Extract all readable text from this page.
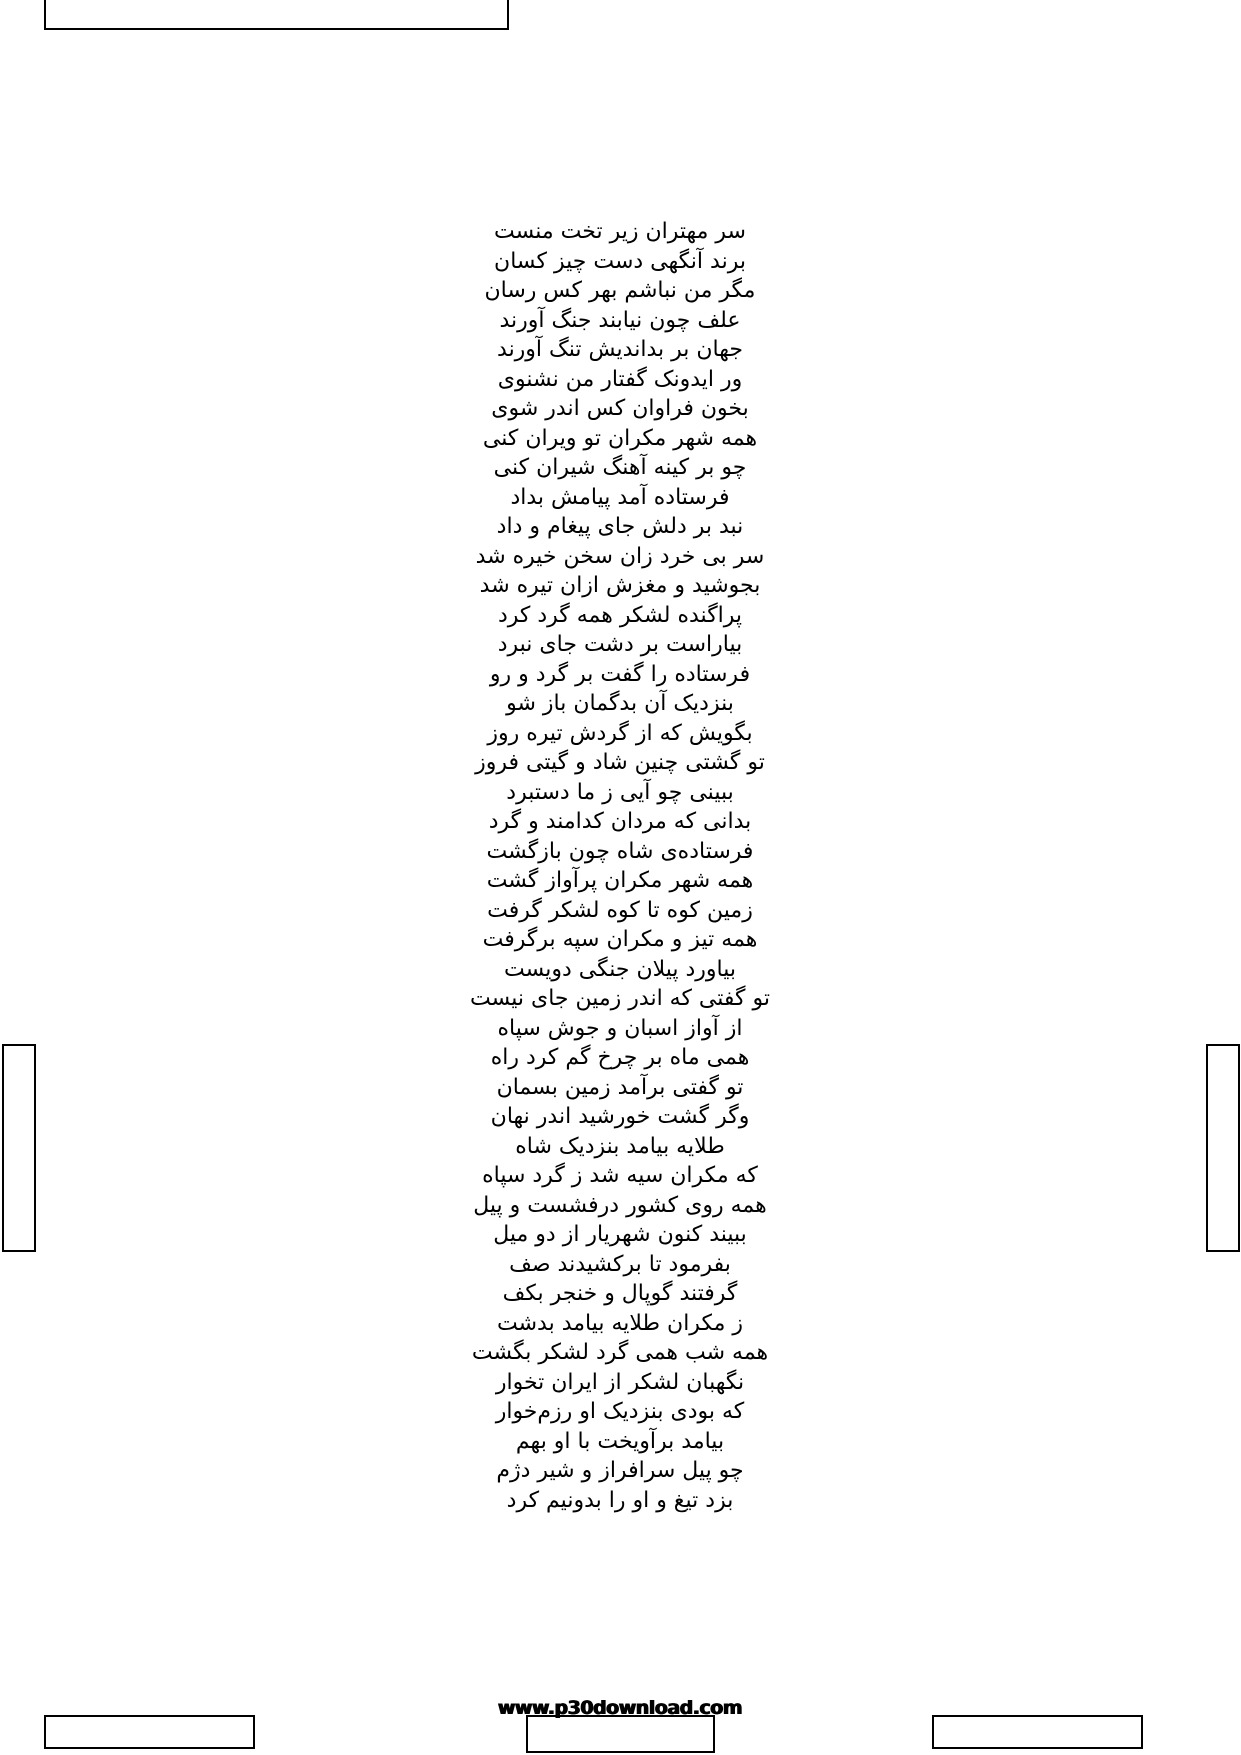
سر مهتران زیر تخت منست
برند آنگهی دست چیز کسان
مگر من نباشم بهر کس رسان
علف چون نیابند جنگ آورند
جهان بر بداندیش تنگ آورند
ور ایدونک گفتار من نشنوی
بخون فراوان کس اندر شوی
همه شهر مکران تو ویران کنی
چو بر کینه آهنگ شیران کنی
فرستاده آمد پیامش بداد
نبد بر دلش جای پیغام و داد
سر بی خرد زان سخن خیره شد
بجوشید و مغزش ازان تیره شد
پراگنده لشکر همه گرد کرد
بیاراست بر دشت جای نبرد
فرستاده را گفت بر گرد و رو
بنزدیک آن بدگمان باز شو
بگویش که از گردش تیره روز
تو گشتی چنین شاد و گیتی فروز
ببینی چو آیی ز ما دستبرد
بدانی که مردان کدامند و گرد
فرستاده‌ی شاه چون بازگشت
همه شهر مکران پرآواز گشت
زمین کوه تا کوه لشکر گرفت
همه تیز و مکران سپه برگرفت
بیاورد پیلان جنگی دویست
تو گفتی که اندر زمین جای نیست
از آواز اسبان و جوش سپاه
همی ماه بر چرخ گم کرد راه
تو گفتی برآمد زمین بسمان
وگر گشت خورشید اندر نهان
طلایه بیامد بنزدیک شاه
که مکران سیه شد ز گرد سپاه
همه روی کشور درفشست و پیل
ببیند کنون شهریار از دو میل
بفرمود تا برکشیدند صف
گرفتند گوپال و خنجر بکف
ز مکران طلایه بیامد بدشت
همه شب همی گرد لشکر بگشت
نگهبان لشکر از ایران تخوار
که بودی بنزدیک او رزم‌خوار
بیامد برآویخت با او بهم
چو پیل سرافراز و شیر دژم
بزد تیغ و او را بدونیم کرد
www.p30download.com
